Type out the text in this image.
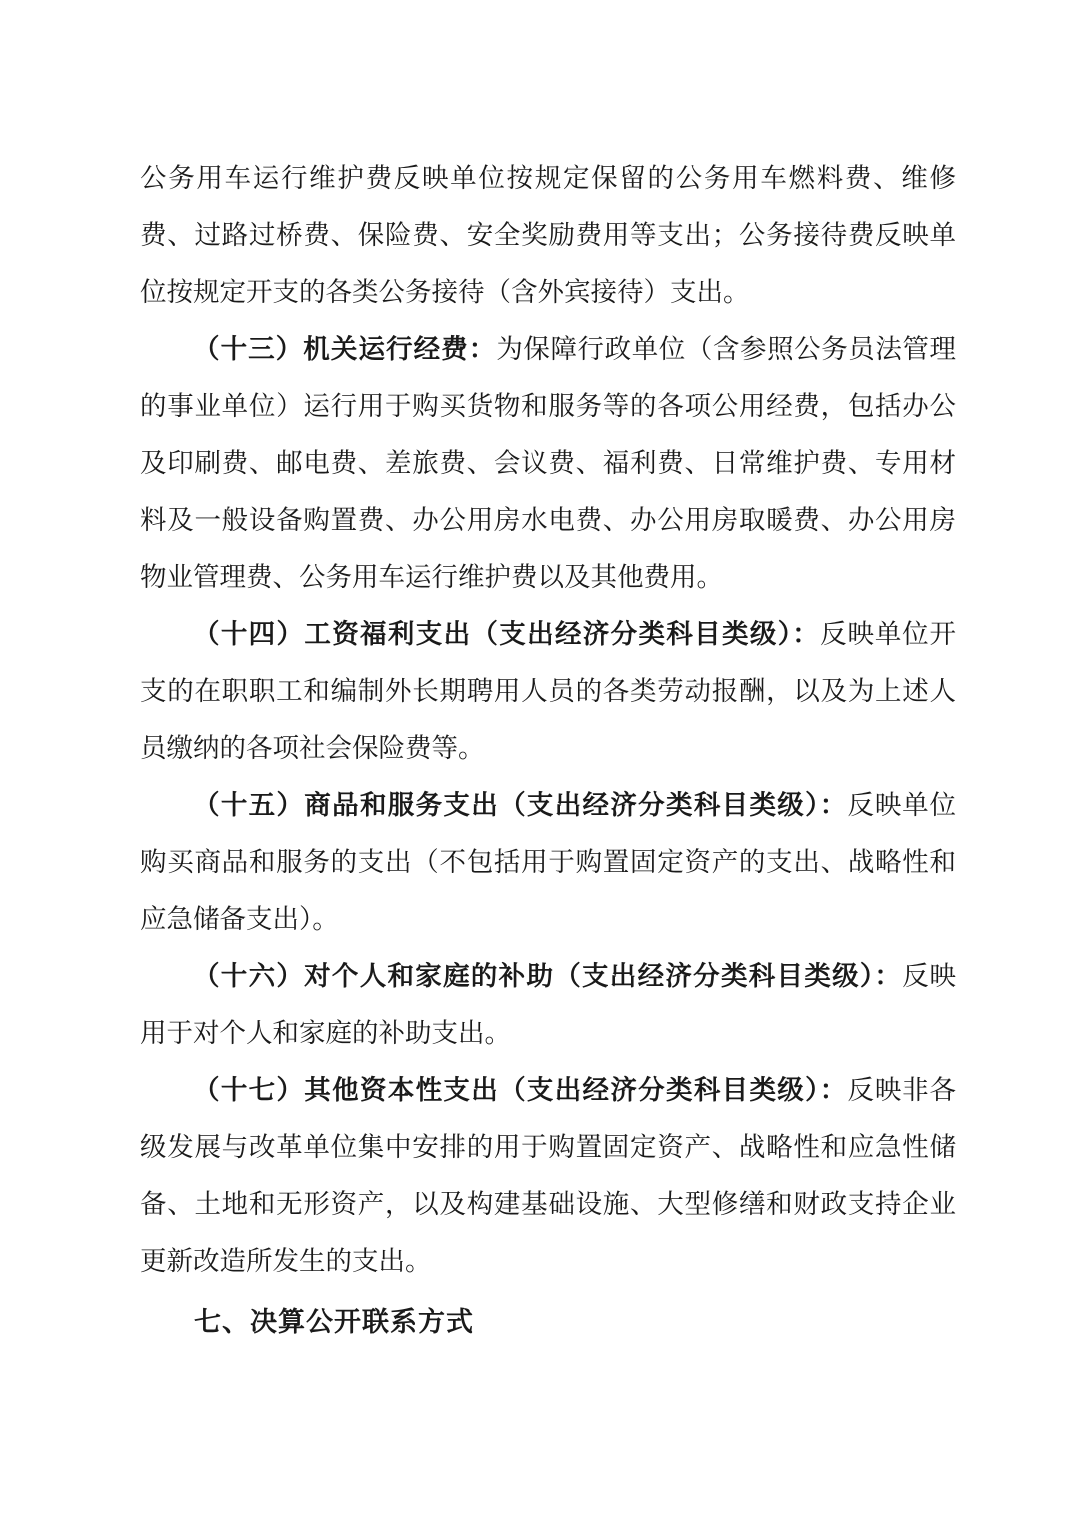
公务用车运行维护费反映单位按规定保留的公务用车燃料费、维修费、过路过桥费、保险费、安全奖励费用等支出；公务接待费反映单位按规定开支的各类公务接待（含外宾接待）支出。

（十三）机关运行经费：为保障行政单位（含参照公务员法管理的事业单位）运行用于购买货物和服务等的各项公用经费，包括办公及印刷费、邮电费、差旅费、会议费、福利费、日常维护费、专用材料及一般设备购置费、办公用房水电费、办公用房取暖费、办公用房物业管理费、公务用车运行维护费以及其他费用。

（十四）工资福利支出（支出经济分类科目类级）：反映单位开支的在职职工和编制外长期聘用人员的各类劳动报酬，以及为上述人员缴纳的各项社会保险费等。

（十五）商品和服务支出（支出经济分类科目类级）：反映单位购买商品和服务的支出（不包括用于购置固定资产的支出、战略性和应急储备支出）。

（十六）对个人和家庭的补助（支出经济分类科目类级）：反映用于对个人和家庭的补助支出。

（十七）其他资本性支出（支出经济分类科目类级）：反映非各级发展与改革单位集中安排的用于购置固定资产、战略性和应急性储备、土地和无形资产，以及构建基础设施、大型修缮和财政支持企业更新改造所发生的支出。

七、决算公开联系方式
